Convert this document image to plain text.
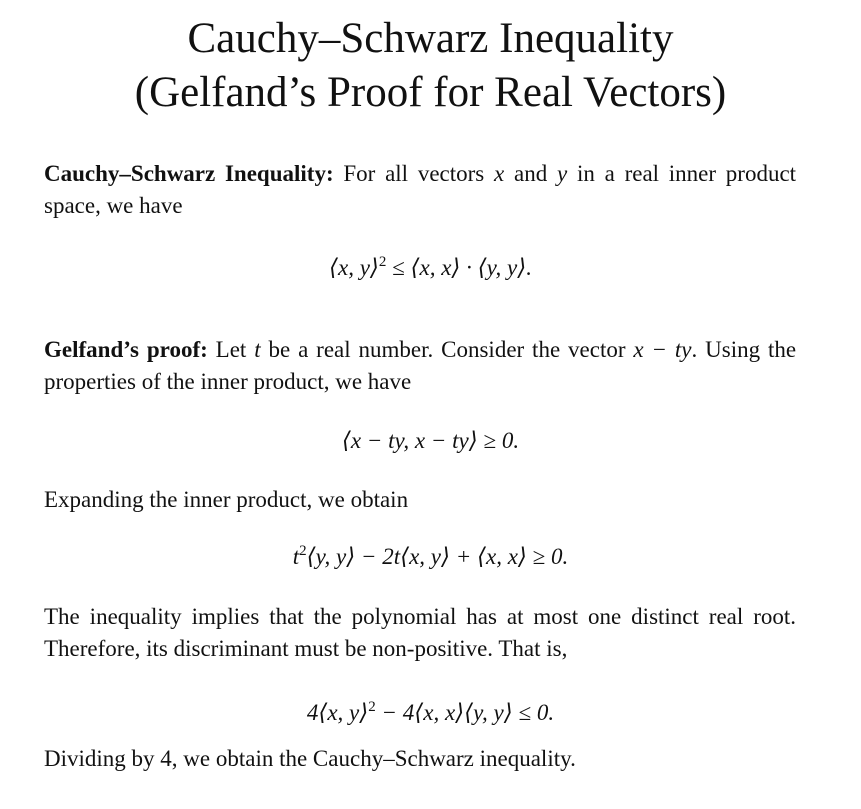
Cauchy–Schwarz Inequality
(Gelfand’s Proof for Real Vectors)

Cauchy–Schwarz Inequality: For all vectors x and y in a real inner product space, we have

⟨x, y⟩$^2$ ≤ ⟨x, x⟩ · ⟨y, y⟩.

Gelfand’s proof: Let t be a real number. Consider the vector x − ty. Using the properties of the inner product, we have

⟨x − ty, x − ty⟩ ≥ 0.

Expanding the inner product, we obtain

$t^2⟨y$, y⟩ − 2t⟨x, y⟩ + ⟨x, x⟩ ≥ 0.

The inequality implies that the polynomial has at most one distinct real root. Therefore, its discriminant must be non-positive. That is,

4⟨x, y⟩$^2$ − 4⟨x, x⟩⟨y, y⟩ ≤ 0.

Dividing by 4, we obtain the Cauchy–Schwarz inequality.
